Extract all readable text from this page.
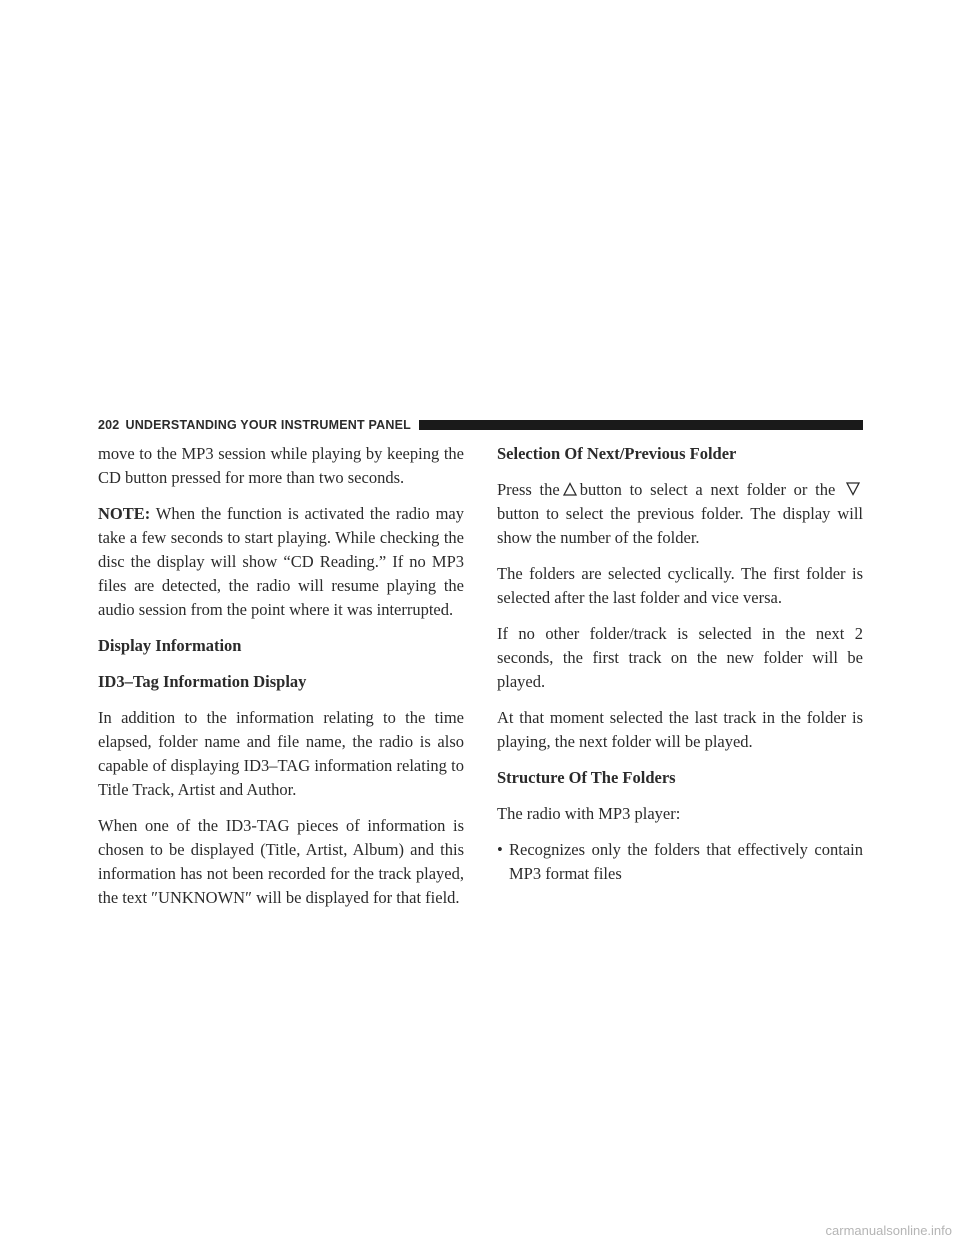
202 UNDERSTANDING YOUR INSTRUMENT PANEL

move to the MP3 session while playing by keeping the CD button pressed for more than two seconds.

NOTE: When the function is activated the radio may take a few seconds to start playing. While checking the disc the display will show “CD Reading.” If no MP3 files are detected, the radio will resume playing the audio session from the point where it was interrupted.

Display Information
ID3–Tag Information Display

In addition to the information relating to the time elapsed, folder name and file name, the radio is also capable of displaying ID3–TAG information relating to Title Track, Artist and Author.

When one of the ID3-TAG pieces of information is chosen to be displayed (Title, Artist, Album) and this information has not been recorded for the track played, the text ″UNKNOWN″ will be displayed for that field.

Selection Of Next/Previous Folder

Press the button to select a next folder or the
button to select the previous folder. The display will show the number of the folder.

The folders are selected cyclically. The first folder is selected after the last folder and vice versa.

If no other folder/track is selected in the next 2 seconds, the first track on the new folder will be played.

At that moment selected the last track in the folder is playing, the next folder will be played.

Structure Of The Folders

The radio with MP3 player:

• Recognizes only the folders that effectively contain MP3 format files
carmanualsonline.info
